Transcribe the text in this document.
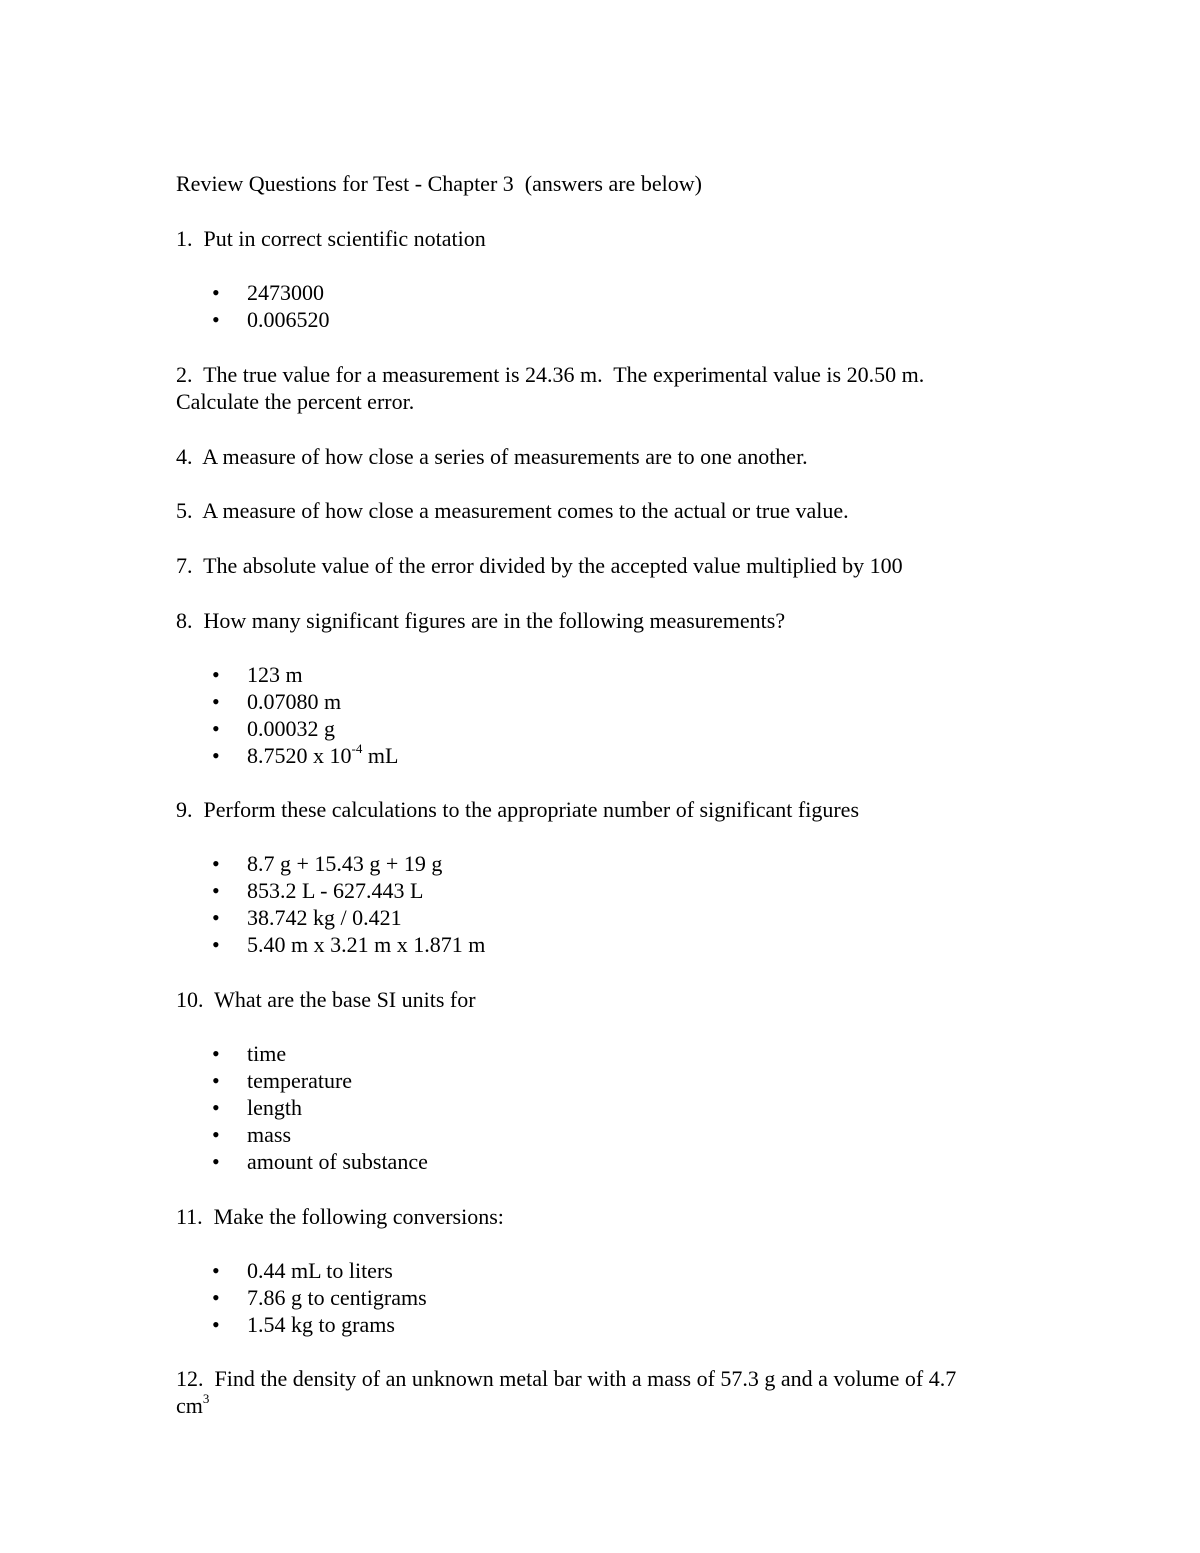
Review Questions for Test - Chapter 3  (answers are below)

1.  Put in correct scientific notation

• 2473000
• 0.006520

2.  The true value for a measurement is 24.36 m.  The experimental value is 20.50 m.

Calculate the percent error.

4.  A measure of how close a series of measurements are to one another.

5.  A measure of how close a measurement comes to the actual or true value.

7.  The absolute value of the error divided by the accepted value multiplied by 100

8.  How many significant figures are in the following measurements?

• 123 m
• 0.07080 m
• 0.00032 g
• 8.7520 x $10^{-4}$ mL

9.  Perform these calculations to the appropriate number of significant figures

• 8.7 g + 15.43 g + 19 g
• 853.2 L - 627.443 L
• 38.742 kg / 0.421
• 5.40 m x 3.21 m x 1.871 m

10.  What are the base SI units for

• time
• temperature
• length
• mass
• amount of substance

11.  Make the following conversions:

• 0.44 mL to liters
• 7.86 g to centigrams
• 1.54 kg to grams

12.  Find the density of an unknown metal bar with a mass of 57.3 g and a volume of 4.7

$cm^3$
